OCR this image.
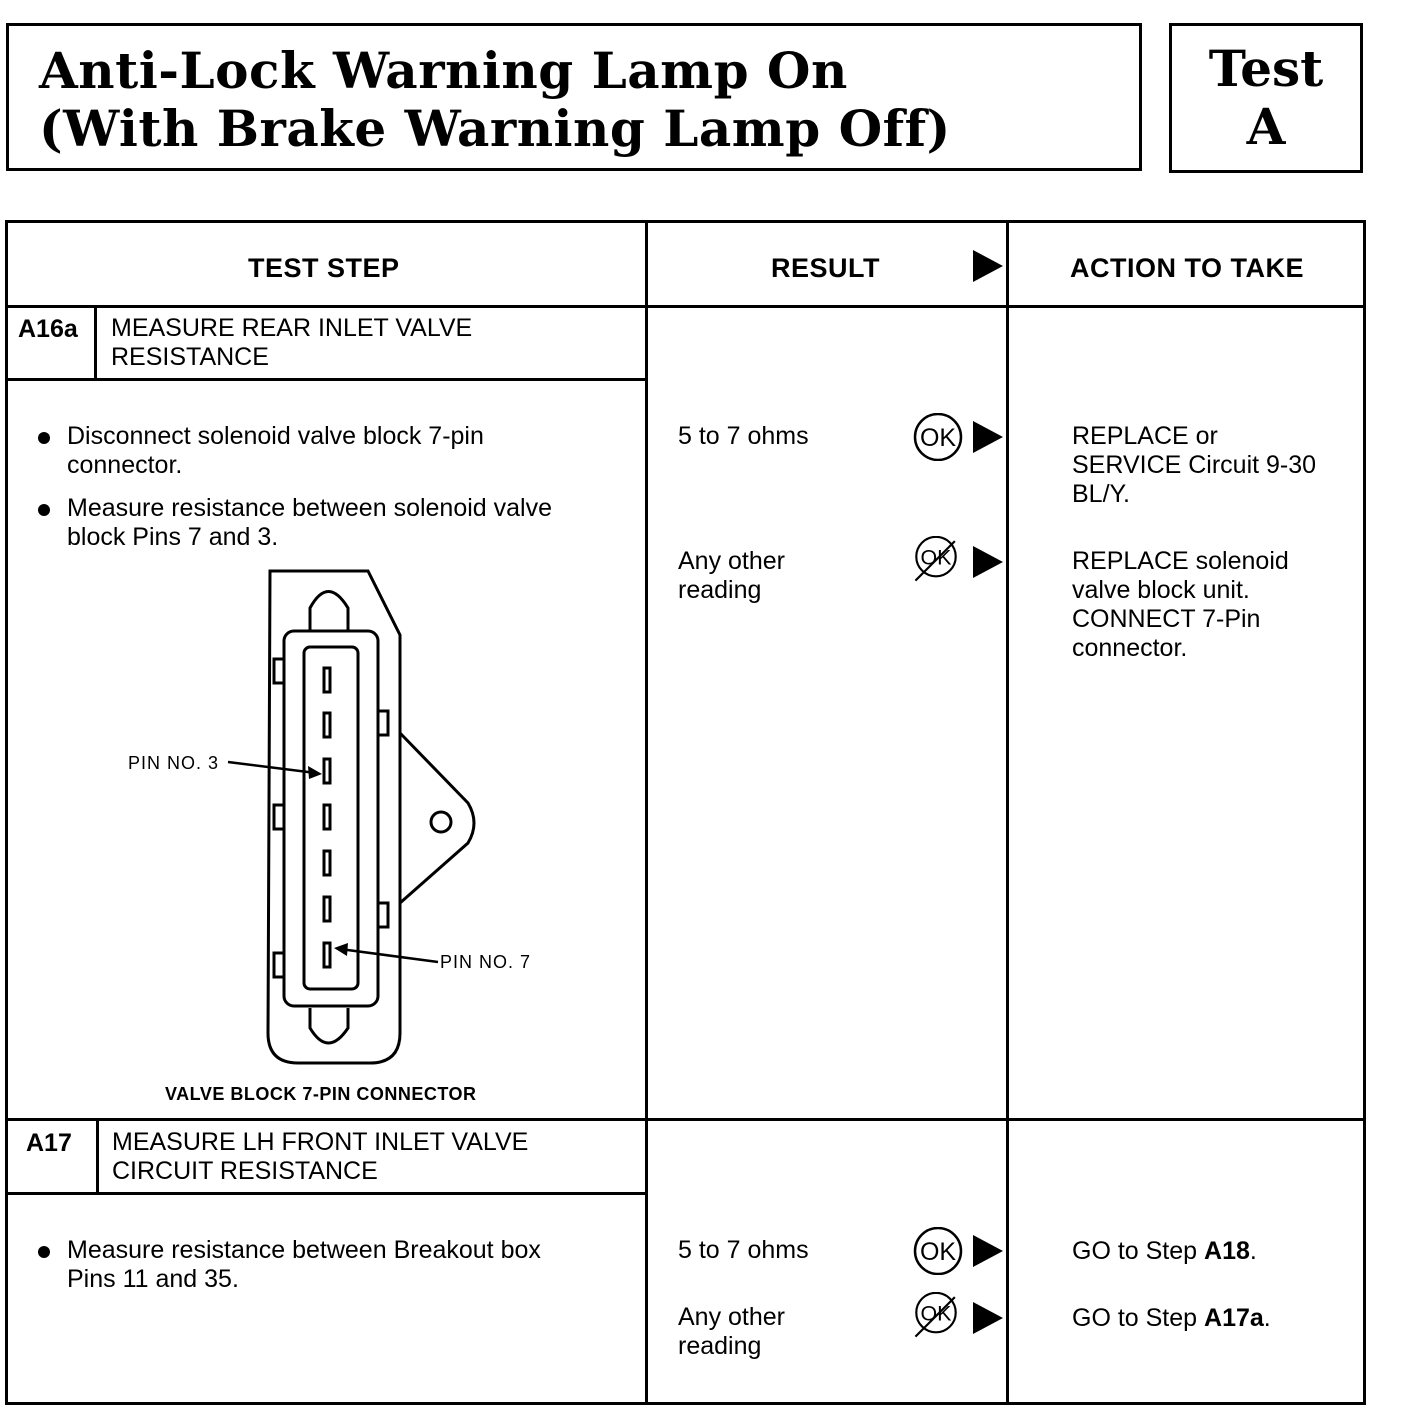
Anti-Lock Warning Lamp On
(With Brake Warning Lamp Off)
Test
A
TEST STEP	RESULT	ACTION TO TAKE
A16a MEASURE REAR INLET VALVE
RESISTANCE
Disconnect solenoid valve block 7-pin
connector.
Measure resistance between solenoid valve
block Pins 7 and 3.
PIN NO. 3
PIN NO. 7
VALVE BLOCK 7-PIN CONNECTOR
5 to 7 ohms	OK	REPLACE or
SERVICE Circuit 9-30
BL/Y.
Any other
reading
OK	REPLACE solenoid
valve block unit.
CONNECT 7-Pin
connector.
A17 MEASURE LH FRONT INLET VALVE
CIRCUIT RESISTANCE
Measure resistance between Breakout box
Pins 11 and 35.
5 to 7 ohms	OK	GO to Step A18.
Any other
reading
OK	GO to Step A17a.
